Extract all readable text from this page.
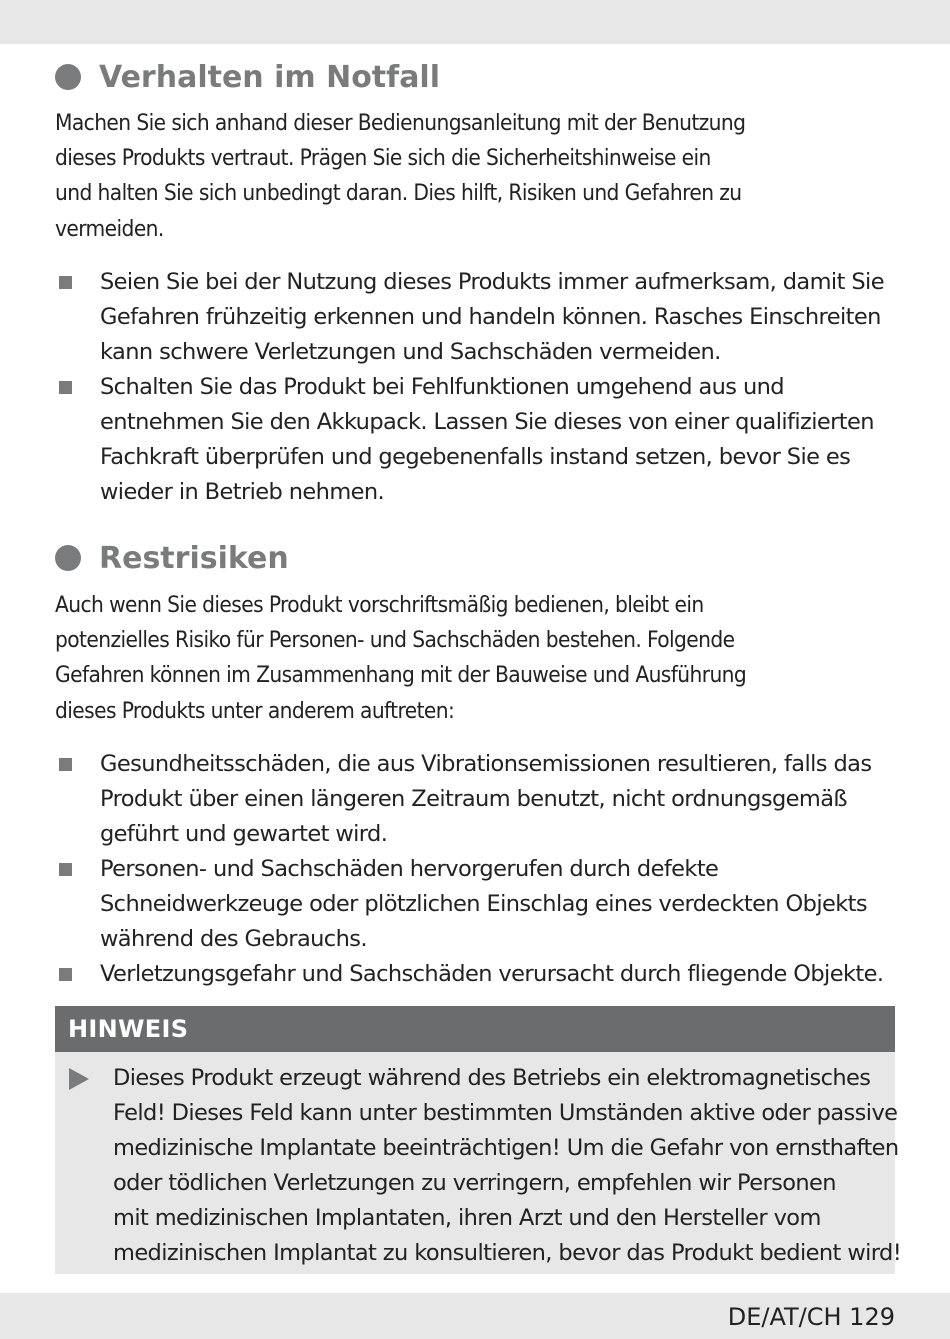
Verhalten im Notfall
Machen Sie sich anhand dieser Bedienungsanleitung mit der Benutzung
dieses Produkts vertraut. Prägen Sie sich die Sicherheitshinweise ein
und halten Sie sich unbedingt daran. Dies hilft, Risiken und Gefahren zu
vermeiden.
Seien Sie bei der Nutzung dieses Produkts immer aufmerksam, damit Sie
Gefahren frühzeitig erkennen und handeln können. Rasches Einschreiten
kann schwere Verletzungen und Sachschäden vermeiden.
Schalten Sie das Produkt bei Fehlfunktionen umgehend aus und
entnehmen Sie den Akkupack. Lassen Sie dieses von einer qualifizierten
Fachkraft überprüfen und gegebenenfalls instand setzen, bevor Sie es
wieder in Betrieb nehmen.
Restrisiken
Auch wenn Sie dieses Produkt vorschriftsmäßig bedienen, bleibt ein
potenzielles Risiko für Personen- und Sachschäden bestehen. Folgende
Gefahren können im Zusammenhang mit der Bauweise und Ausführung
dieses Produkts unter anderem auftreten:
Gesundheitsschäden, die aus Vibrationsemissionen resultieren, falls das
Produkt über einen längeren Zeitraum benutzt, nicht ordnungsgemäß
geführt und gewartet wird.
Personen- und Sachschäden hervorgerufen durch defekte
Schneidwerkzeuge oder plötzlichen Einschlag eines verdeckten Objekts
während des Gebrauchs.
Verletzungsgefahr und Sachschäden verursacht durch fliegende Objekte.
HINWEIS
Dieses Produkt erzeugt während des Betriebs ein elektromagnetisches
Feld! Dieses Feld kann unter bestimmten Umständen aktive oder passive
medizinische Implantate beeinträchtigen! Um die Gefahr von ernsthaften
oder tödlichen Verletzungen zu verringern, empfehlen wir Personen
mit medizinischen Implantaten, ihren Arzt und den Hersteller vom
medizinischen Implantat zu konsultieren, bevor das Produkt bedient wird!
DE/AT/CH 129
